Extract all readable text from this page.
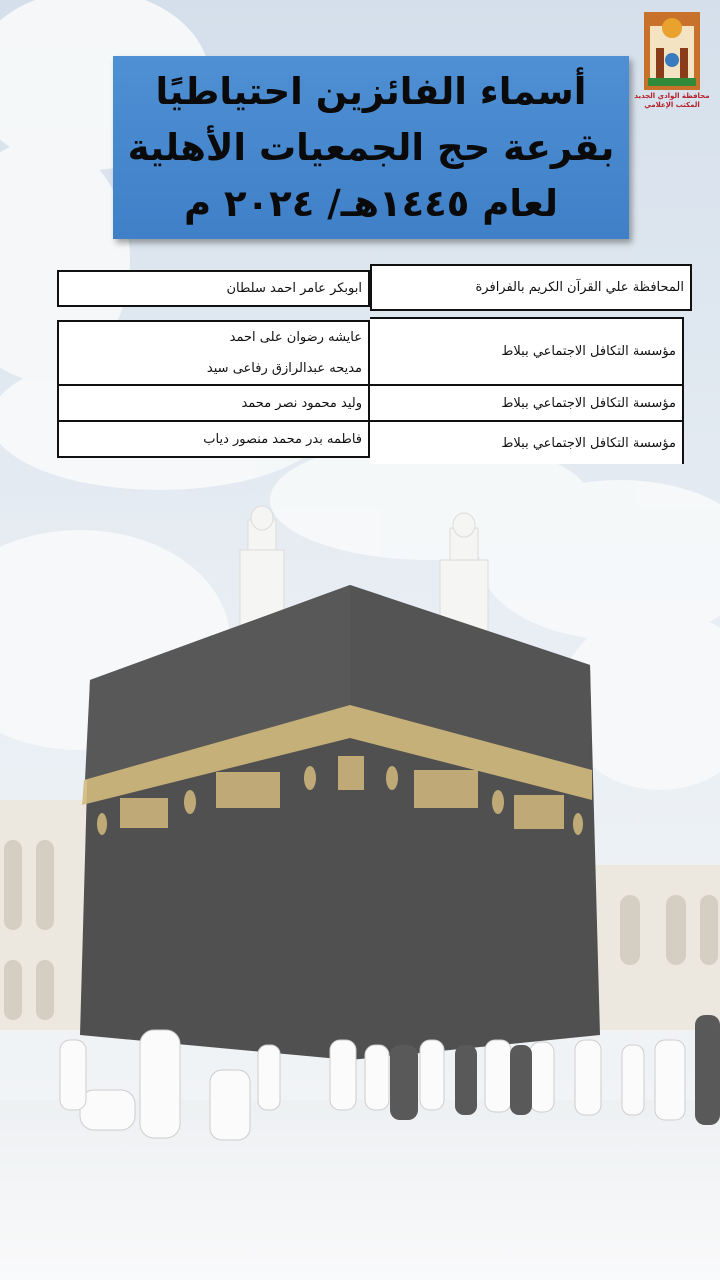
محافظة الوادي الجديد
المكتب الإعلامي
أسماء الفائزين احتياطيًا
بقرعة حج الجمعيات الأهلية
لعام ١٤٤٥هـ/ ٢٠٢٤ م
المحافظة علي القرآن الكريم بالفرافرة
ابوبكر عامر احمد سلطان
مؤسسة التكافل الاجتماعي ببلاط
عايشه رضوان على احمد
مديحه عبدالرازق رفاعى سيد
مؤسسة التكافل الاجتماعي ببلاط
وليد محمود نصر محمد
مؤسسة التكافل الاجتماعي ببلاط
فاطمه بدر محمد منصور دياب
